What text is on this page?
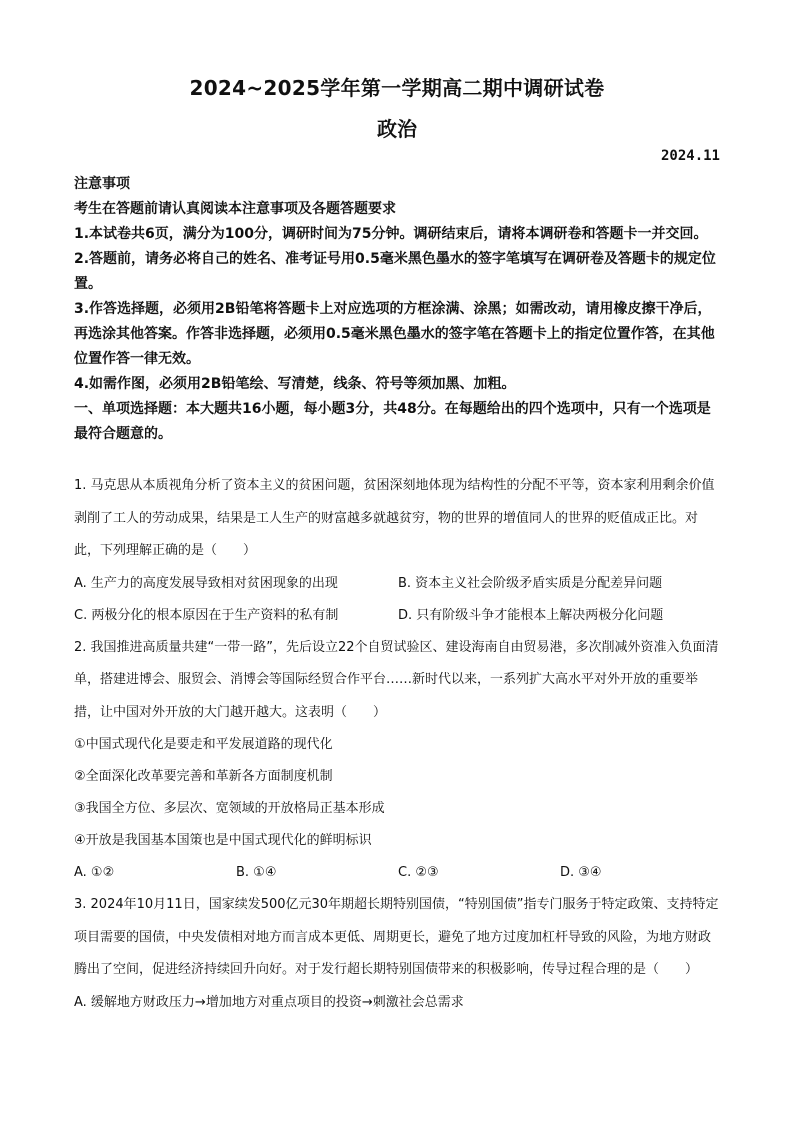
2024~2025学年第一学期高二期中调研试卷
政治
2024.11

注意事项

考生在答题前请认真阅读本注意事项及各题答题要求

1.本试卷共6页，满分为100分，调研时间为75分钟。调研结束后，请将本调研卷和答题卡一并交回。

2.答题前，请务必将自己的姓名、准考证号用0.5毫米黑色墨水的签字笔填写在调研卷及答题卡的规定位置。

3.作答选择题，必须用2B铅笔将答题卡上对应选项的方框涂满、涂黑；如需改动，请用橡皮擦干净后，再选涂其他答案。作答非选择题，必须用0.5毫米黑色墨水的签字笔在答题卡上的指定位置作答，在其他位置作答一律无效。

4.如需作图，必须用2B铅笔绘、写清楚，线条、符号等须加黑、加粗。

一、单项选择题：本大题共16小题，每小题3分，共48分。在每题给出的四个选项中，只有一个选项是最符合题意的。

1. 马克思从本质视角分析了资本主义的贫困问题，贫困深刻地体现为结构性的分配不平等，资本家利用剩余价值剥削了工人的劳动成果，结果是工人生产的财富越多就越贫穷，物的世界的增值同人的世界的贬值成正比。对此，下列理解正确的是（　　）

A. 生产力的高度发展导致相对贫困现象的出现	B. 资本主义社会阶级矛盾实质是分配差异问题
C. 两极分化的根本原因在于生产资料的私有制	D. 只有阶级斗争才能根本上解决两极分化问题

2. 我国推进高质量共建“一带一路”，先后设立22个自贸试验区、建设海南自由贸易港，多次削减外资准入负面清单，搭建进博会、服贸会、消博会等国际经贸合作平台……新时代以来，一系列扩大高水平对外开放的重要举措，让中国对外开放的大门越开越大。这表明（　　）

①中国式现代化是要走和平发展道路的现代化

②全面深化改革要完善和革新各方面制度机制

③我国全方位、多层次、宽领域的开放格局正基本形成

④开放是我国基本国策也是中国式现代化的鲜明标识

A. ①②	B. ①④	C. ②③	D. ③④

3. 2024年10月11日，国家续发500亿元30年期超长期特别国债，“特别国债”指专门服务于特定政策、支持特定项目需要的国债，中央发债相对地方而言成本更低、周期更长，避免了地方过度加杠杆导致的风险，为地方财政腾出了空间，促进经济持续回升向好。对于发行超长期特别国债带来的积极影响，传导过程合理的是（　　）

A. 缓解地方财政压力→增加地方对重点项目的投资→刺激社会总需求
